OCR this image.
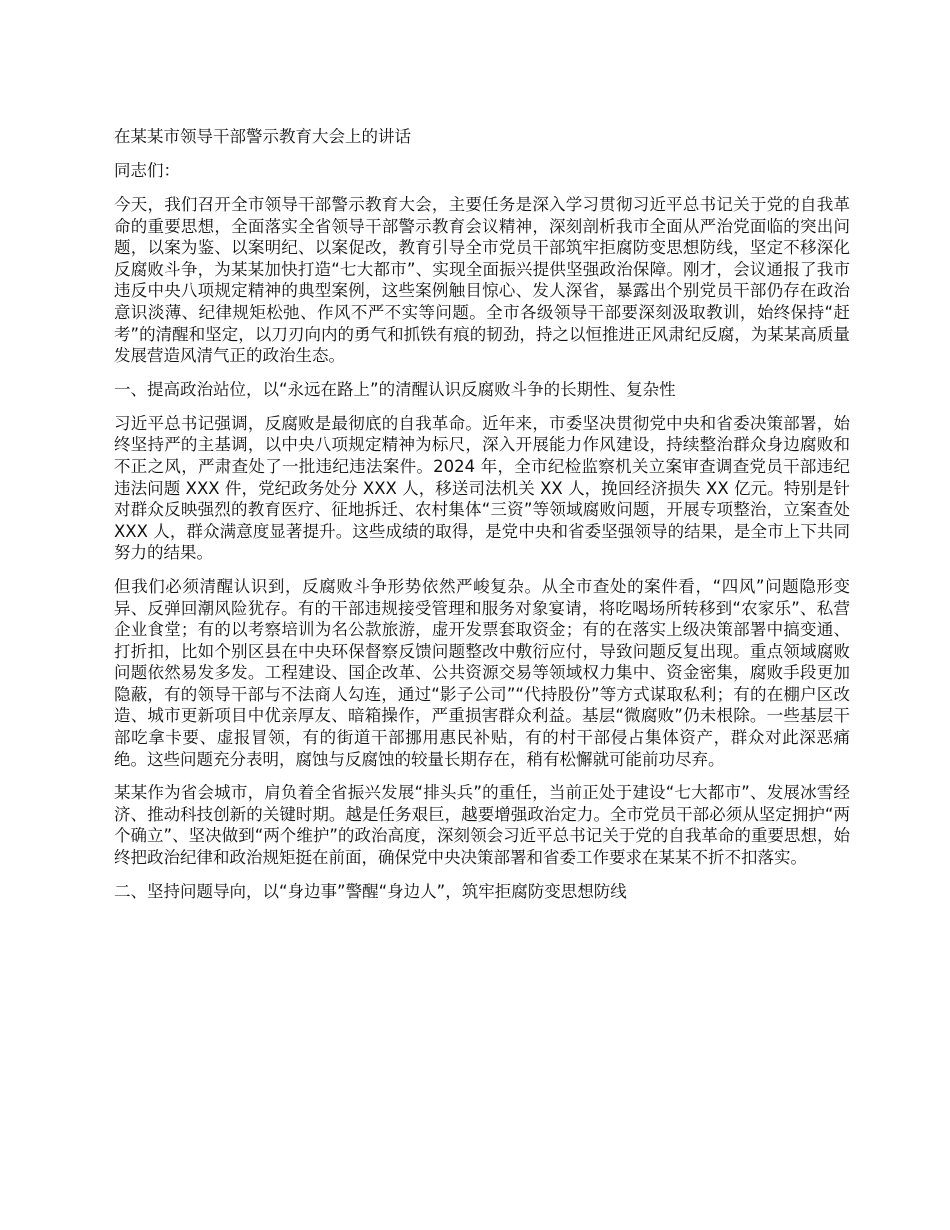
在某某市领导干部警示教育大会上的讲话
同志们：
今天，我们召开全市领导干部警示教育大会，主要任务是深入学习贯彻习近平总书记关于党的自我革命的重要思想，全面落实全省领导干部警示教育会议精神，深刻剖析我市全面从严治党面临的突出问题，以案为鉴、以案明纪、以案促改，教育引导全市党员干部筑牢拒腐防变思想防线，坚定不移深化反腐败斗争，为某某加快打造“七大都市”、实现全面振兴提供坚强政治保障。刚才，会议通报了我市违反中央八项规定精神的典型案例，这些案例触目惊心、发人深省，暴露出个别党员干部仍存在政治意识淡薄、纪律规矩松弛、作风不严不实等问题。全市各级领导干部要深刻汲取教训，始终保持“赶考”的清醒和坚定，以刀刃向内的勇气和抓铁有痕的韧劲，持之以恒推进正风肃纪反腐，为某某高质量发展营造风清气正的政治生态。
一、提高政治站位，以“永远在路上”的清醒认识反腐败斗争的长期性、复杂性
习近平总书记强调，反腐败是最彻底的自我革命。近年来，市委坚决贯彻党中央和省委决策部署，始终坚持严的主基调，以中央八项规定精神为标尺，深入开展能力作风建设，持续整治群众身边腐败和不正之风，严肃查处了一批违纪违法案件。2024 年，全市纪检监察机关立案审查调查党员干部违纪违法问题 XXX 件，党纪政务处分 XXX 人，移送司法机关 XX 人，挽回经济损失 XX 亿元。特别是针对群众反映强烈的教育医疗、征地拆迁、农村集体“三资”等领域腐败问题，开展专项整治，立案查处 XXX 人，群众满意度显著提升。这些成绩的取得，是党中央和省委坚强领导的结果，是全市上下共同努力的结果。
但我们必须清醒认识到，反腐败斗争形势依然严峻复杂。从全市查处的案件看，“四风”问题隐形变异、反弹回潮风险犹存。有的干部违规接受管理和服务对象宴请，将吃喝场所转移到“农家乐”、私营企业食堂；有的以考察培训为名公款旅游，虚开发票套取资金；有的在落实上级决策部署中搞变通、打折扣，比如个别区县在中央环保督察反馈问题整改中敷衍应付，导致问题反复出现。重点领域腐败问题依然易发多发。工程建设、国企改革、公共资源交易等领域权力集中、资金密集，腐败手段更加隐蔽，有的领导干部与不法商人勾连，通过“影子公司”“代持股份”等方式谋取私利；有的在棚户区改造、城市更新项目中优亲厚友、暗箱操作，严重损害群众利益。基层“微腐败”仍未根除。一些基层干部吃拿卡要、虚报冒领，有的街道干部挪用惠民补贴，有的村干部侵占集体资产，群众对此深恶痛绝。这些问题充分表明，腐蚀与反腐蚀的较量长期存在，稍有松懈就可能前功尽弃。
某某作为省会城市，肩负着全省振兴发展“排头兵”的重任，当前正处于建设“七大都市”、发展冰雪经济、推动科技创新的关键时期。越是任务艰巨，越要增强政治定力。全市党员干部必须从坚定拥护“两个确立”、坚决做到“两个维护”的政治高度，深刻领会习近平总书记关于党的自我革命的重要思想，始终把政治纪律和政治规矩挺在前面，确保党中央决策部署和省委工作要求在某某不折不扣落实。
二、坚持问题导向，以“身边事”警醒“身边人”，筑牢拒腐防变思想防线
